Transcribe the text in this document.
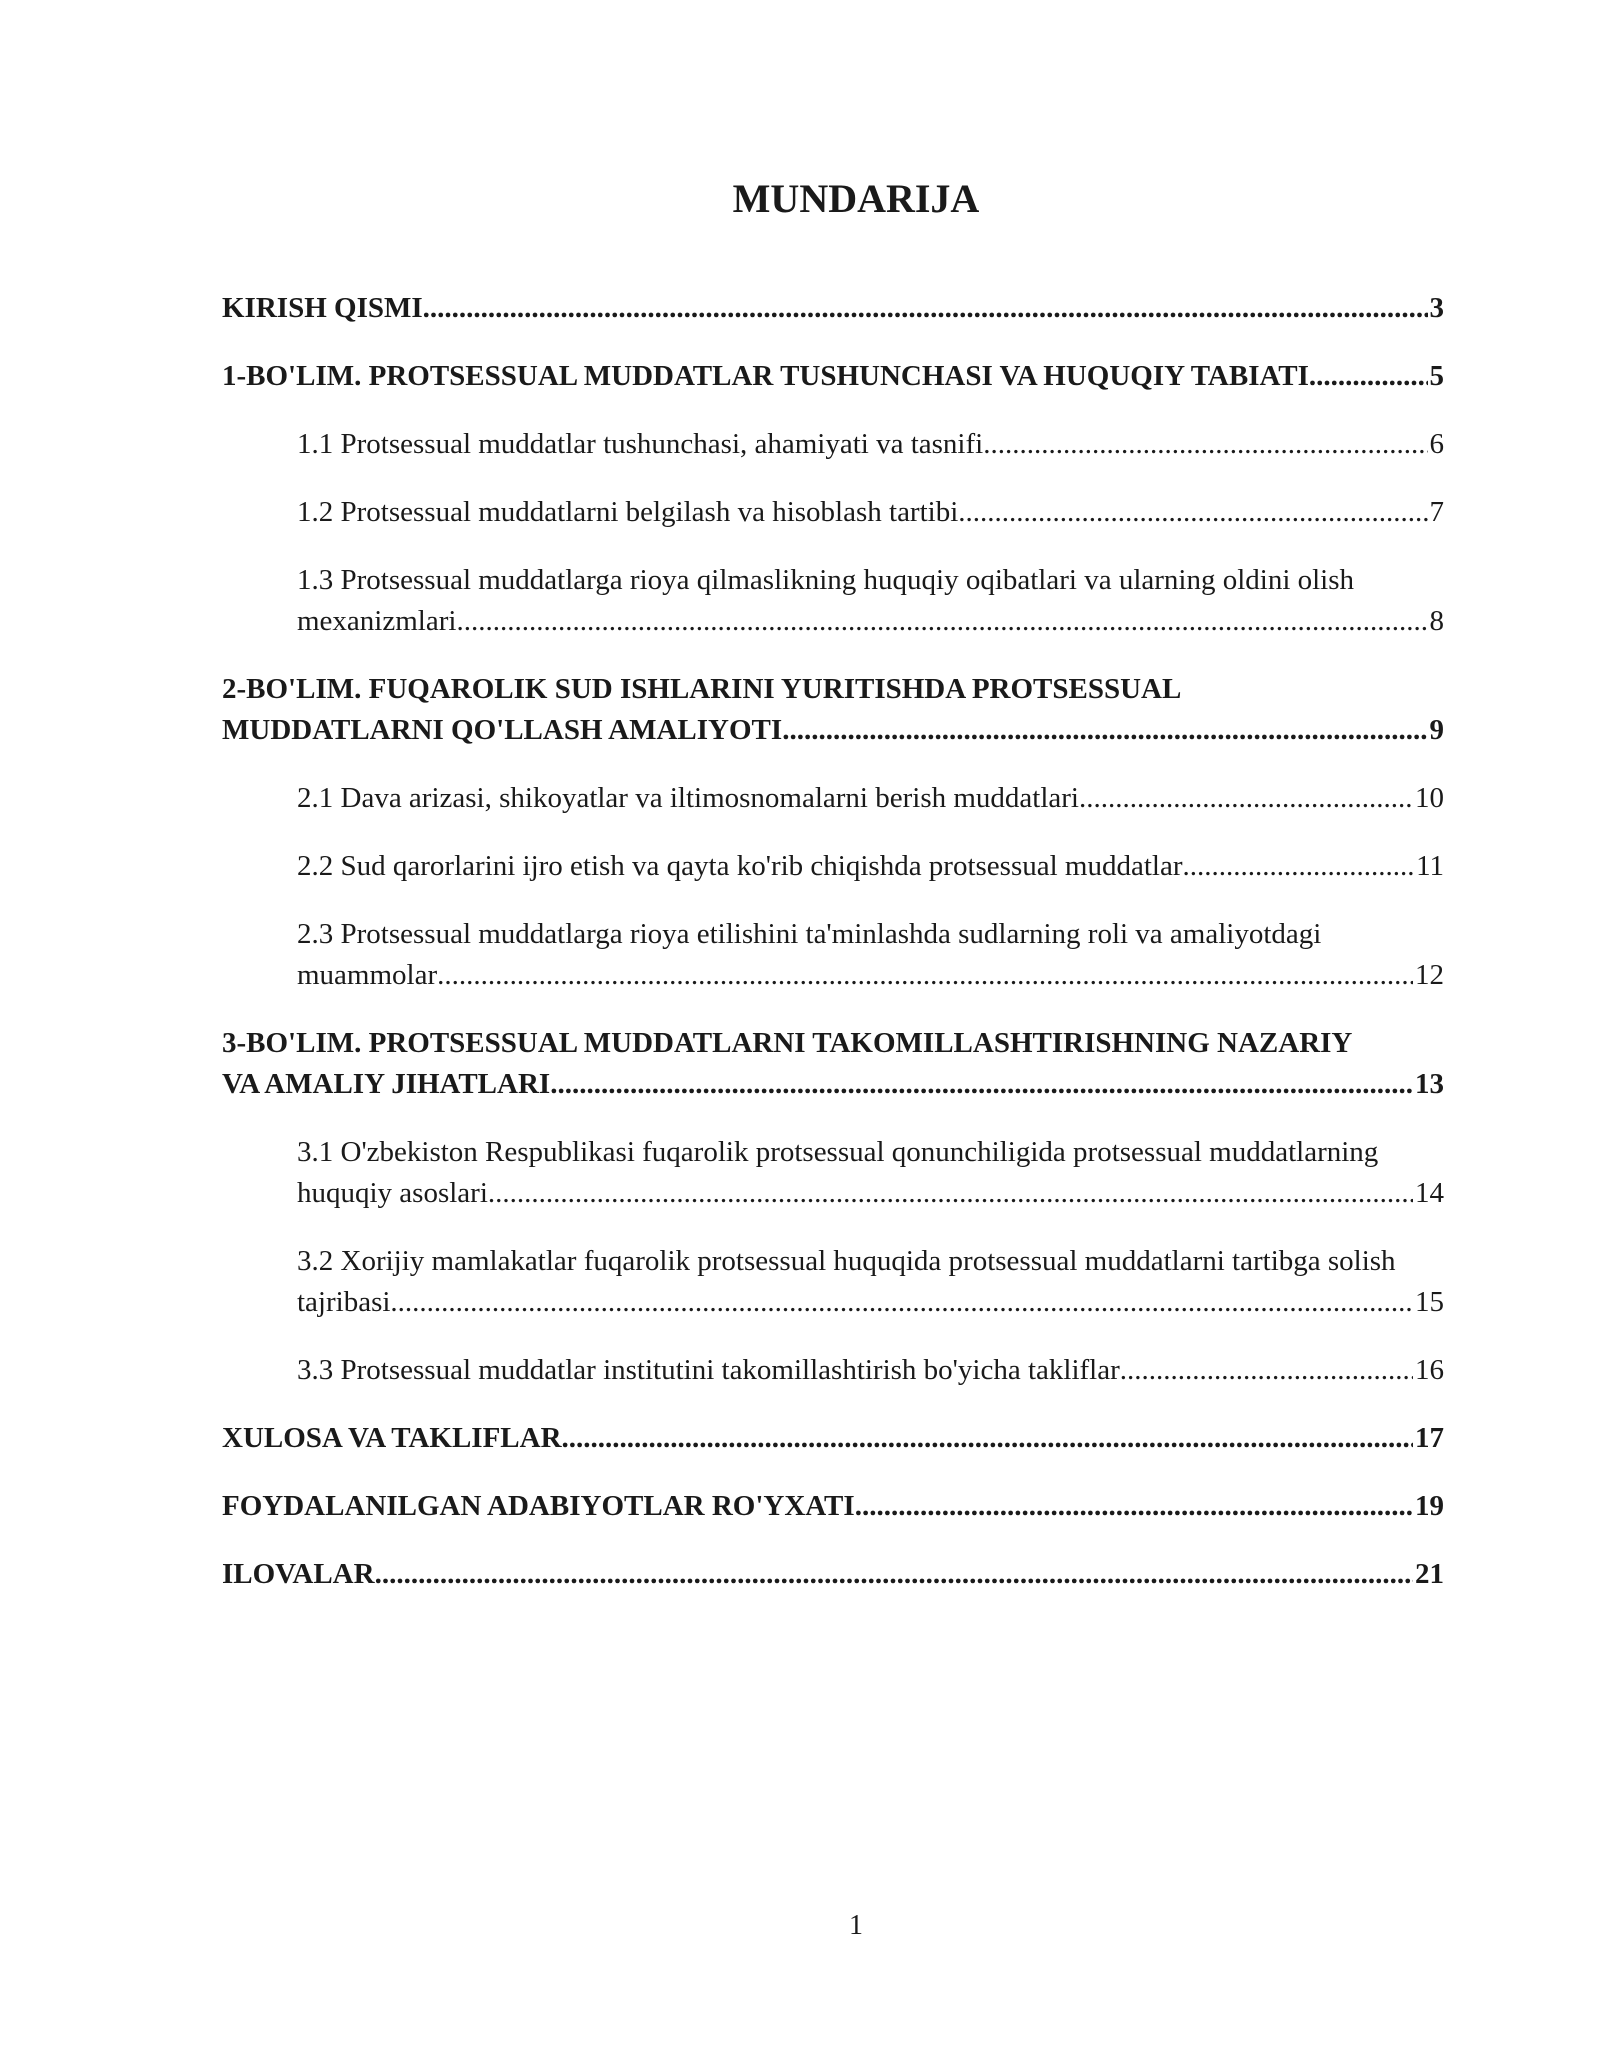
MUNDARIJA
KIRISH QISMI .....	3
1-BO'LIM. PROTSESSUAL MUDDATLAR TUSHUNCHASI VA HUQUQIY TABIATI. .....	5
1.1 Protsessual muddatlar tushunchasi, ahamiyati va tasnifi .....	6
1.2 Protsessual muddatlarni belgilash va hisoblash tartibi .....	7
1.3 Protsessual muddatlarga rioya qilmaslikning huquqiy oqibatlari va ularning oldini olish
mexanizmlari .....	8
2-BO'LIM. FUQAROLIK SUD ISHLARINI YURITISHDA PROTSESSUAL
MUDDATLARNI QO'LLASH AMALIYOTI .....	9
2.1 Dava arizasi, shikoyatlar va iltimosnomalarni berish muddatlari .....	10
2.2 Sud qarorlarini ijro etish va qayta ko'rib chiqishda protsessual muddatlar .....	11
2.3 Protsessual muddatlarga rioya etilishini ta'minlashda sudlarning roli va amaliyotdagi
muammolar .....	12
3-BO'LIM. PROTSESSUAL MUDDATLARNI TAKOMILLASHTIRISHNING NAZARIY
VA AMALIY JIHATLARI .....	13
3.1 O'zbekiston Respublikasi fuqarolik protsessual qonunchiligida protsessual muddatlarning
huquqiy asoslari .....	14
3.2 Xorijiy mamlakatlar fuqarolik protsessual huquqida protsessual muddatlarni tartibga solish
tajribasi .....	15
3.3 Protsessual muddatlar institutini takomillashtirish bo'yicha takliflar .....	16
XULOSA VA TAKLIFLAR .....	17
FOYDALANILGAN ADABIYOTLAR RO'YXATI .....	19
ILOVALAR .....	21
1
